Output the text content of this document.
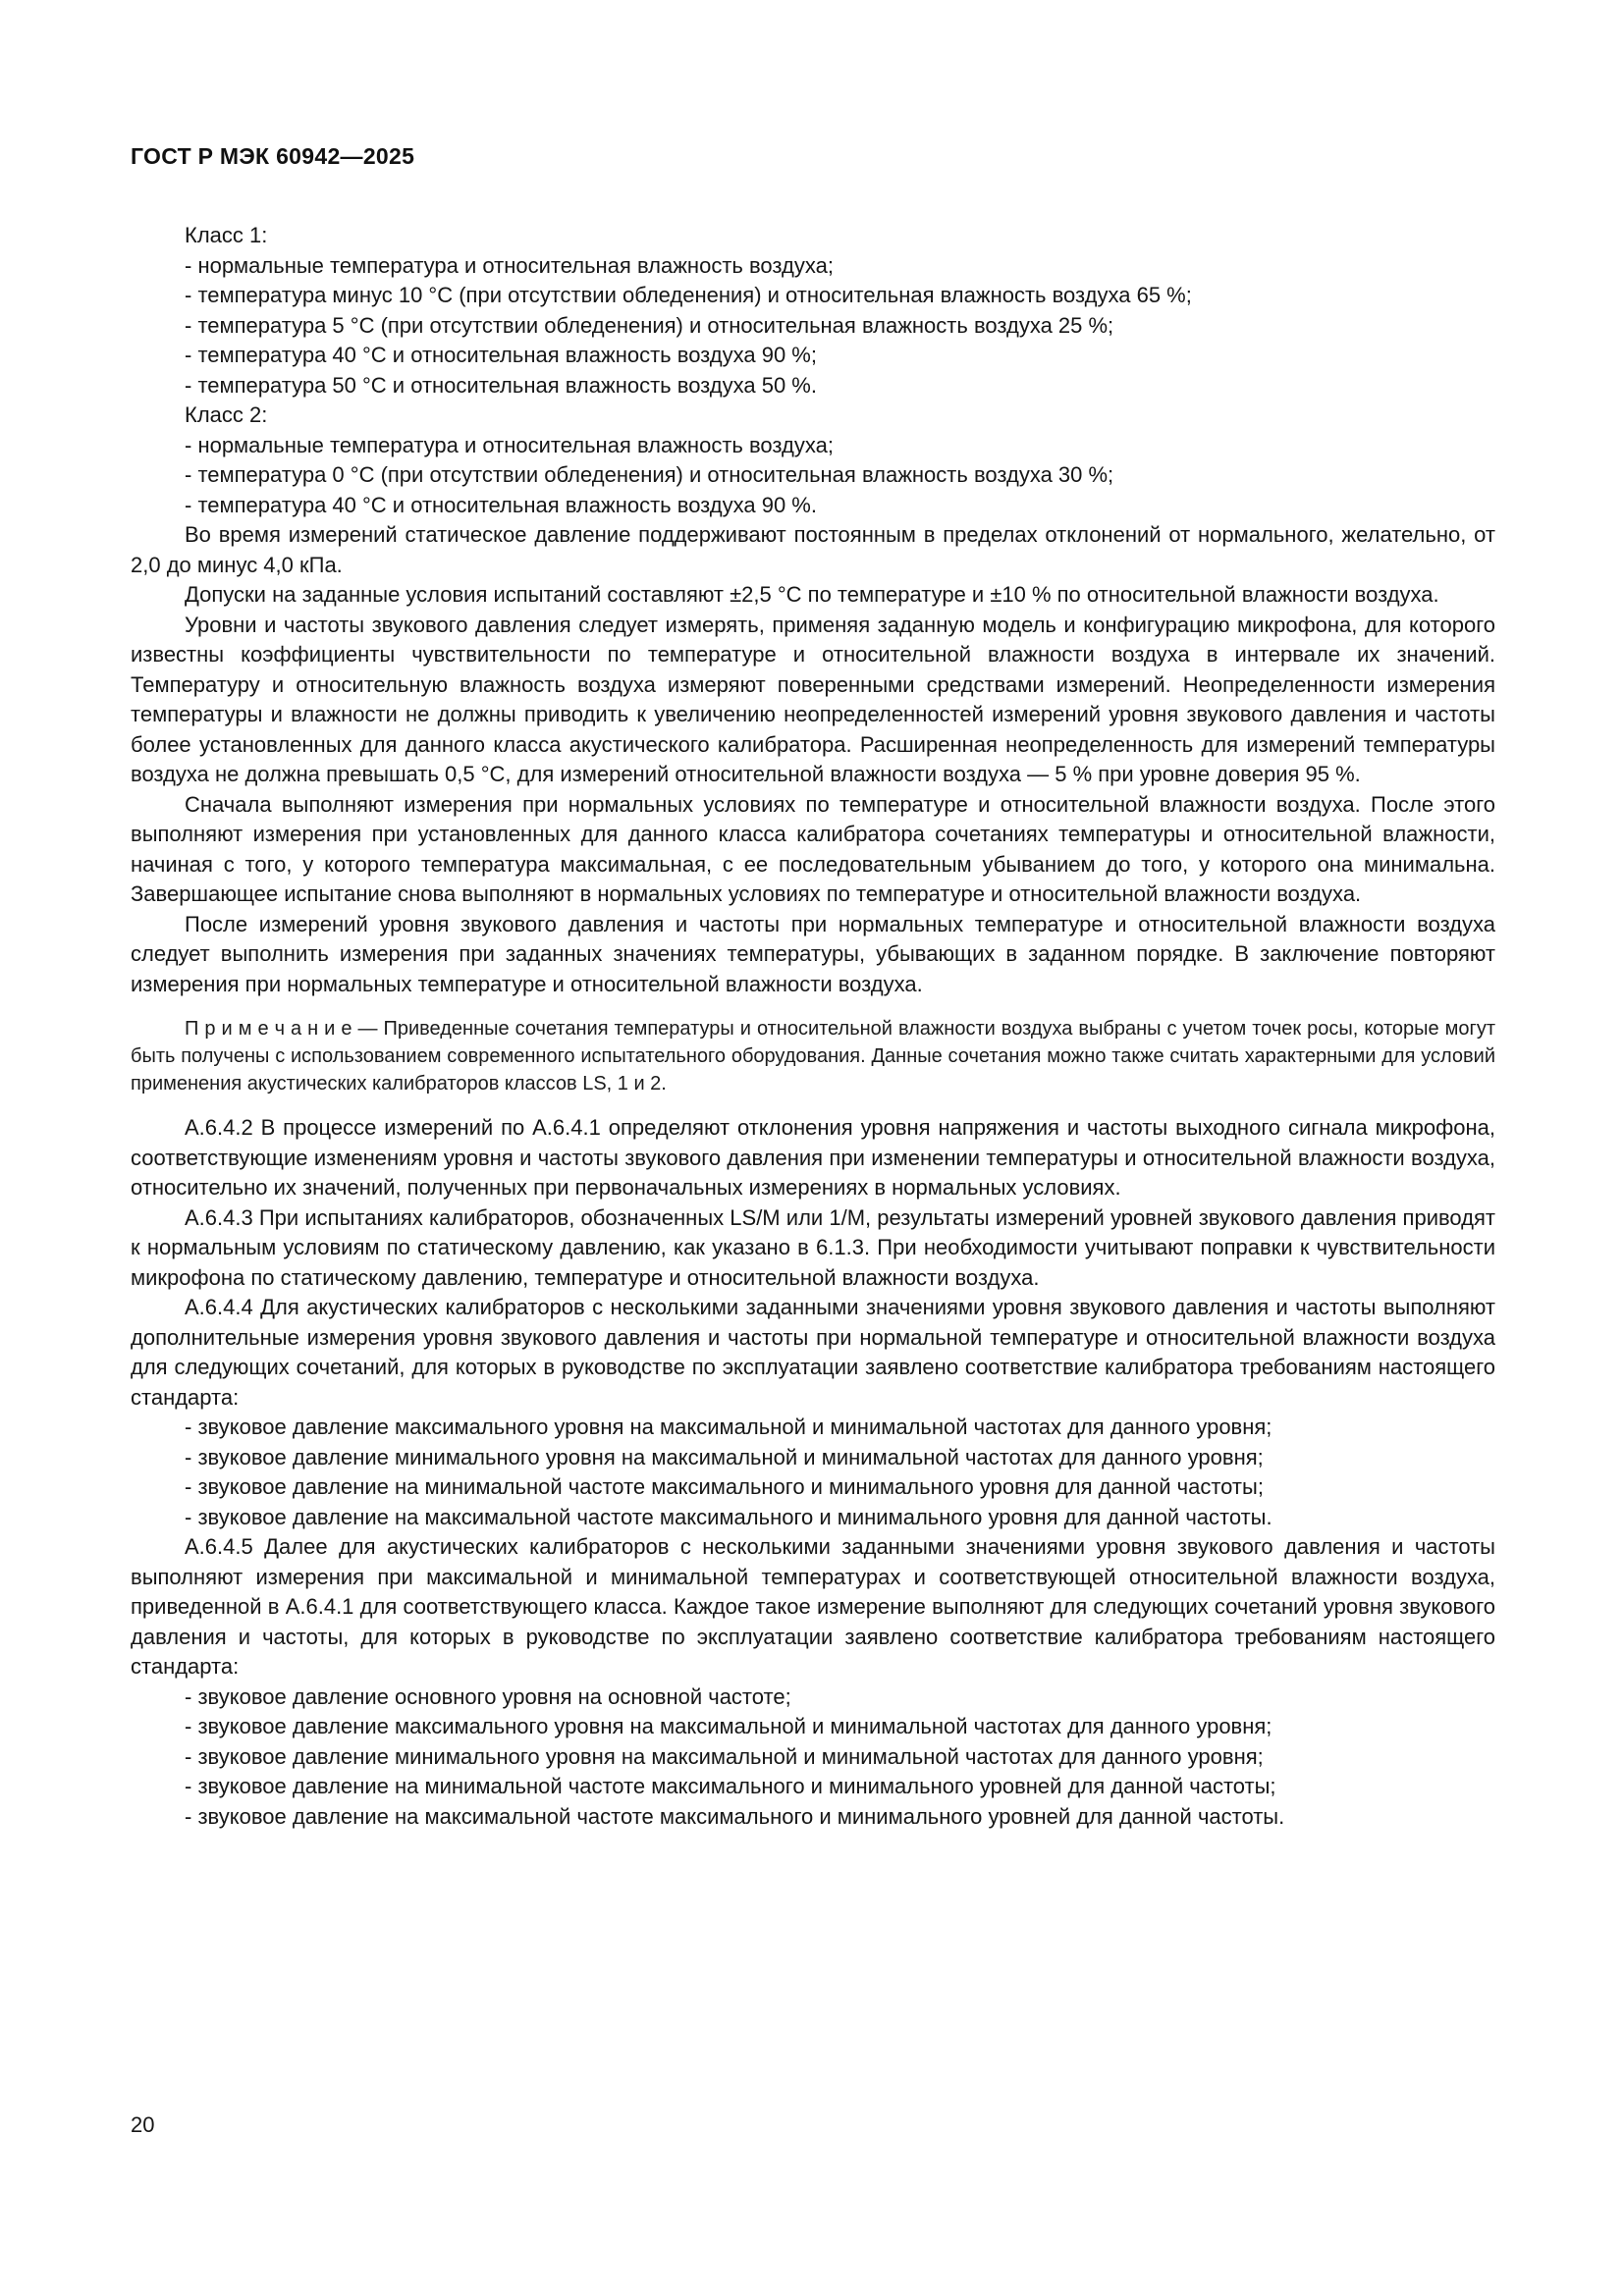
ГОСТ Р МЭК 60942—2025
Класс 1:
- нормальные температура и относительная влажность воздуха;
- температура минус 10 °С (при отсутствии обледенения) и относительная влажность воздуха 65 %;
- температура 5 °С (при отсутствии обледенения) и относительная влажность воздуха 25 %;
- температура 40 °С и относительная влажность воздуха 90 %;
- температура 50 °С и относительная влажность воздуха 50 %.
Класс 2:
- нормальные температура и относительная влажность воздуха;
- температура 0 °С (при отсутствии обледенения) и относительная влажность воздуха 30 %;
- температура 40 °С и относительная влажность воздуха 90 %.
Во время измерений статическое давление поддерживают постоянным в пределах отклонений от нормального, желательно, от 2,0 до минус 4,0 кПа.
Допуски на заданные условия испытаний составляют ±2,5 °С по температуре и ±10 % по относительной влажности воздуха.
Уровни и частоты звукового давления следует измерять, применяя заданную модель и конфигурацию микрофона, для которого известны коэффициенты чувствительности по температуре и относительной влажности воздуха в интервале их значений. Температуру и относительную влажность воздуха измеряют поверенными средствами измерений. Неопределенности измерения температуры и влажности не должны приводить к увеличению неопределенностей измерений уровня звукового давления и частоты более установленных для данного класса акустического калибратора. Расширенная неопределенность для измерений температуры воздуха не должна превышать 0,5 °С, для измерений относительной влажности воздуха — 5 % при уровне доверия 95 %.
Сначала выполняют измерения при нормальных условиях по температуре и относительной влажности воздуха. После этого выполняют измерения при установленных для данного класса калибратора сочетаниях температуры и относительной влажности, начиная с того, у которого температура максимальная, с ее последовательным убыванием до того, у которого она минимальна. Завершающее испытание снова выполняют в нормальных условиях по температуре и относительной влажности воздуха.
После измерений уровня звукового давления и частоты при нормальных температуре и относительной влажности воздуха следует выполнить измерения при заданных значениях температуры, убывающих в заданном порядке. В заключение повторяют измерения при нормальных температуре и относительной влажности воздуха.
П р и м е ч а н и е — Приведенные сочетания температуры и относительной влажности воздуха выбраны с учетом точек росы, которые могут быть получены с использованием современного испытательного оборудования. Данные сочетания можно также считать характерными для условий применения акустических калибраторов классов LS, 1 и 2.
А.6.4.2 В процессе измерений по А.6.4.1 определяют отклонения уровня напряжения и частоты выходного сигнала микрофона, соответствующие изменениям уровня и частоты звукового давления при изменении температуры и относительной влажности воздуха, относительно их значений, полученных при первоначальных измерениях в нормальных условиях.
А.6.4.3 При испытаниях калибраторов, обозначенных LS/M или 1/M, результаты измерений уровней звукового давления приводят к нормальным условиям по статическому давлению, как указано в 6.1.3. При необходимости учитывают поправки к чувствительности микрофона по статическому давлению, температуре и относительной влажности воздуха.
А.6.4.4 Для акустических калибраторов с несколькими заданными значениями уровня звукового давления и частоты выполняют дополнительные измерения уровня звукового давления и частоты при нормальной температуре и относительной влажности воздуха для следующих сочетаний, для которых в руководстве по эксплуатации заявлено соответствие калибратора требованиям настоящего стандарта:
- звуковое давление максимального уровня на максимальной и минимальной частотах для данного уровня;
- звуковое давление минимального уровня на максимальной и минимальной частотах для данного уровня;
- звуковое давление на минимальной частоте максимального и минимального уровня для данной частоты;
- звуковое давление на максимальной частоте максимального и минимального уровня для данной частоты.
А.6.4.5 Далее для акустических калибраторов с несколькими заданными значениями уровня звукового давления и частоты выполняют измерения при максимальной и минимальной температурах и соответствующей относительной влажности воздуха, приведенной в А.6.4.1 для соответствующего класса. Каждое такое измерение выполняют для следующих сочетаний уровня звукового давления и частоты, для которых в руководстве по эксплуатации заявлено соответствие калибратора требованиям настоящего стандарта:
- звуковое давление основного уровня на основной частоте;
- звуковое давление максимального уровня на максимальной и минимальной частотах для данного уровня;
- звуковое давление минимального уровня на максимальной и минимальной частотах для данного уровня;
- звуковое давление на минимальной частоте максимального и минимального уровней для данной частоты;
- звуковое давление на максимальной частоте максимального и минимального уровней для данной частоты.
20
